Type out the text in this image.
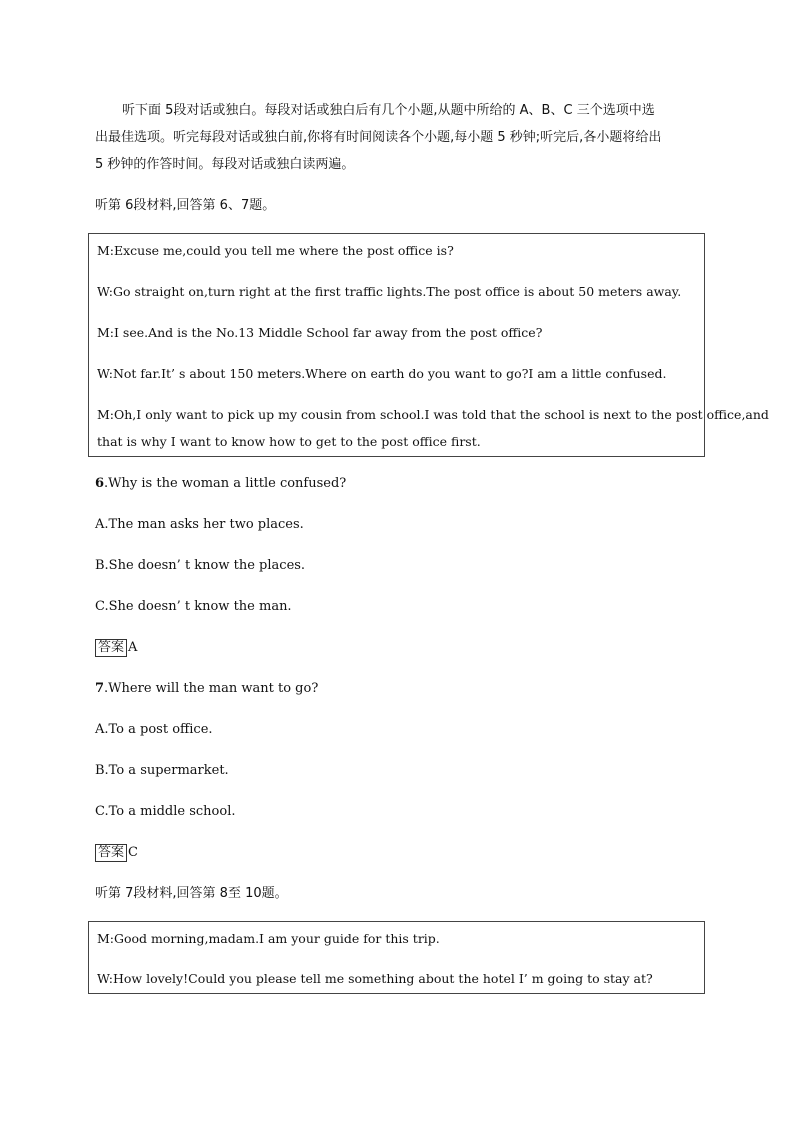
听下面 5段对话或独白。每段对话或独白后有几个小题,从题中所给的 A、B、C 三个选项中选
出最佳选项。听完每段对话或独白前,你将有时间阅读各个小题,每小题 5 秒钟;听完后,各小题将给出
5 秒钟的作答时间。每段对话或独白读两遍。
听第 6段材料,回答第 6、7题。
M:Excuse me,could you tell me where the post office is?
W:Go straight on,turn right at the first traffic lights.The post office is about 50 meters away.
M:I see.And is the No.13 Middle School far away from the post office?
W:Not far.It’ s about 150 meters.Where on earth do you want to go?I am a little confused.
M:Oh,I only want to pick up my cousin from school.I was told that the school is next to the post office,and
that is why I want to know how to get to the post office first.
6.Why is the woman a little confused?
A.The man asks her two places.
B.She doesn’ t know the places.
C.She doesn’ t know the man.
答案 A
7.Where will the man want to go?
A.To a post office.
B.To a supermarket.
C.To a middle school.
答案 C
听第 7段材料,回答第 8至 10题。
M:Good morning,madam.I am your guide for this trip.
W:How lovely!Could you please tell me something about the hotel I’ m going to stay at?
